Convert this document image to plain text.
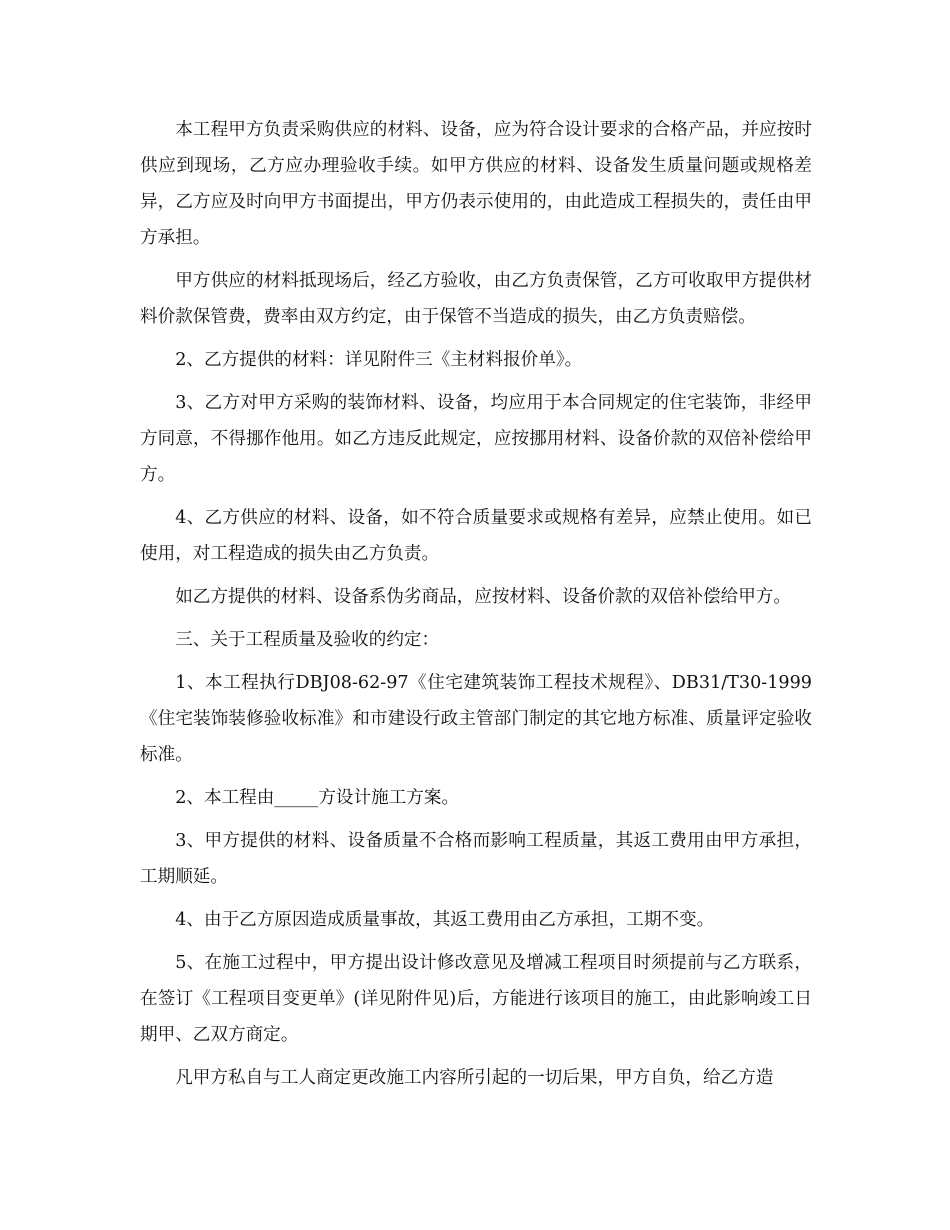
本工程甲方负责采购供应的材料、设备，应为符合设计要求的合格产品，并应按时供应到现场，乙方应办理验收手续。如甲方供应的材料、设备发生质量问题或规格差异，乙方应及时向甲方书面提出，甲方仍表示使用的，由此造成工程损失的，责任由甲方承担。

甲方供应的材料抵现场后，经乙方验收，由乙方负责保管，乙方可收取甲方提供材料价款保管费，费率由双方约定，由于保管不当造成的损失，由乙方负责赔偿。

2、乙方提供的材料：详见附件三《主材料报价单》。

3、乙方对甲方采购的装饰材料、设备，均应用于本合同规定的住宅装饰，非经甲方同意，不得挪作他用。如乙方违反此规定，应按挪用材料、设备价款的双倍补偿给甲方。

4、乙方供应的材料、设备，如不符合质量要求或规格有差异，应禁止使用。如已使用，对工程造成的损失由乙方负责。

如乙方提供的材料、设备系伪劣商品，应按材料、设备价款的双倍补偿给甲方。

三、关于工程质量及验收的约定：

1、本工程执行DBJ08-62-97《住宅建筑装饰工程技术规程》、DB31/T30-1999《住宅装饰装修验收标准》和市建设行政主管部门制定的其它地方标准、质量评定验收标准。

2、本工程由_____方设计施工方案。

3、甲方提供的材料、设备质量不合格而影响工程质量，其返工费用由甲方承担，工期顺延。

4、由于乙方原因造成质量事故，其返工费用由乙方承担，工期不变。

5、在施工过程中，甲方提出设计修改意见及增减工程项目时须提前与乙方联系，在签订《工程项目变更单》(详见附件见)后，方能进行该项目的施工，由此影响竣工日期甲、乙双方商定。

凡甲方私自与工人商定更改施工内容所引起的一切后果，甲方自负，给乙方造
